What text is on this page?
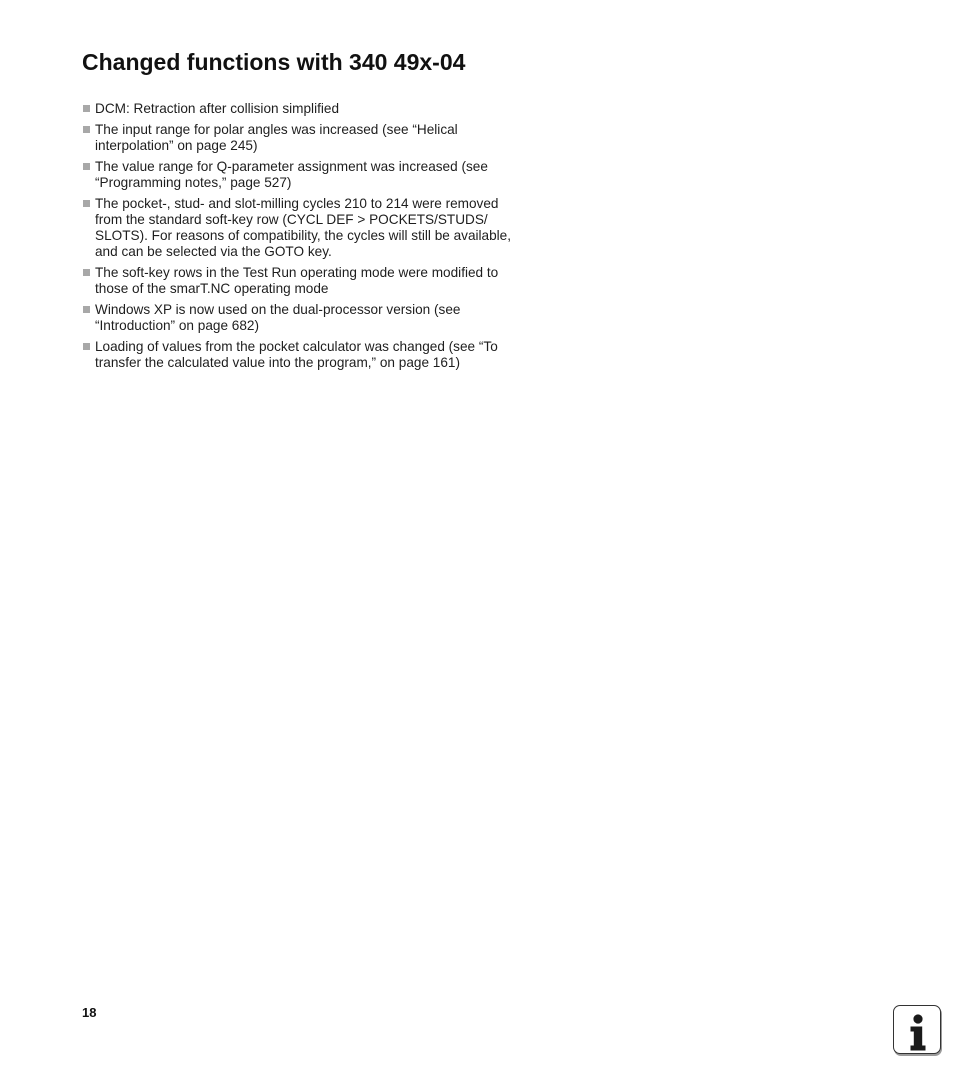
Changed functions with 340 49x-04
DCM: Retraction after collision simplified
The input range for polar angles was increased (see “Helical interpolation” on page 245)
The value range for Q-parameter assignment was increased (see “Programming notes,” page 527)
The pocket-, stud- and slot-milling cycles 210 to 214 were removed from the standard soft-key row (CYCL DEF > POCKETS/STUDS/ SLOTS). For reasons of compatibility, the cycles will still be available, and can be selected via the GOTO key.
The soft-key rows in the Test Run operating mode were modified to those of the smarT.NC operating mode
Windows XP is now used on the dual-processor version (see “Introduction” on page 682)
Loading of values from the pocket calculator was changed (see “To transfer the calculated value into the program,” on page 161)
18
